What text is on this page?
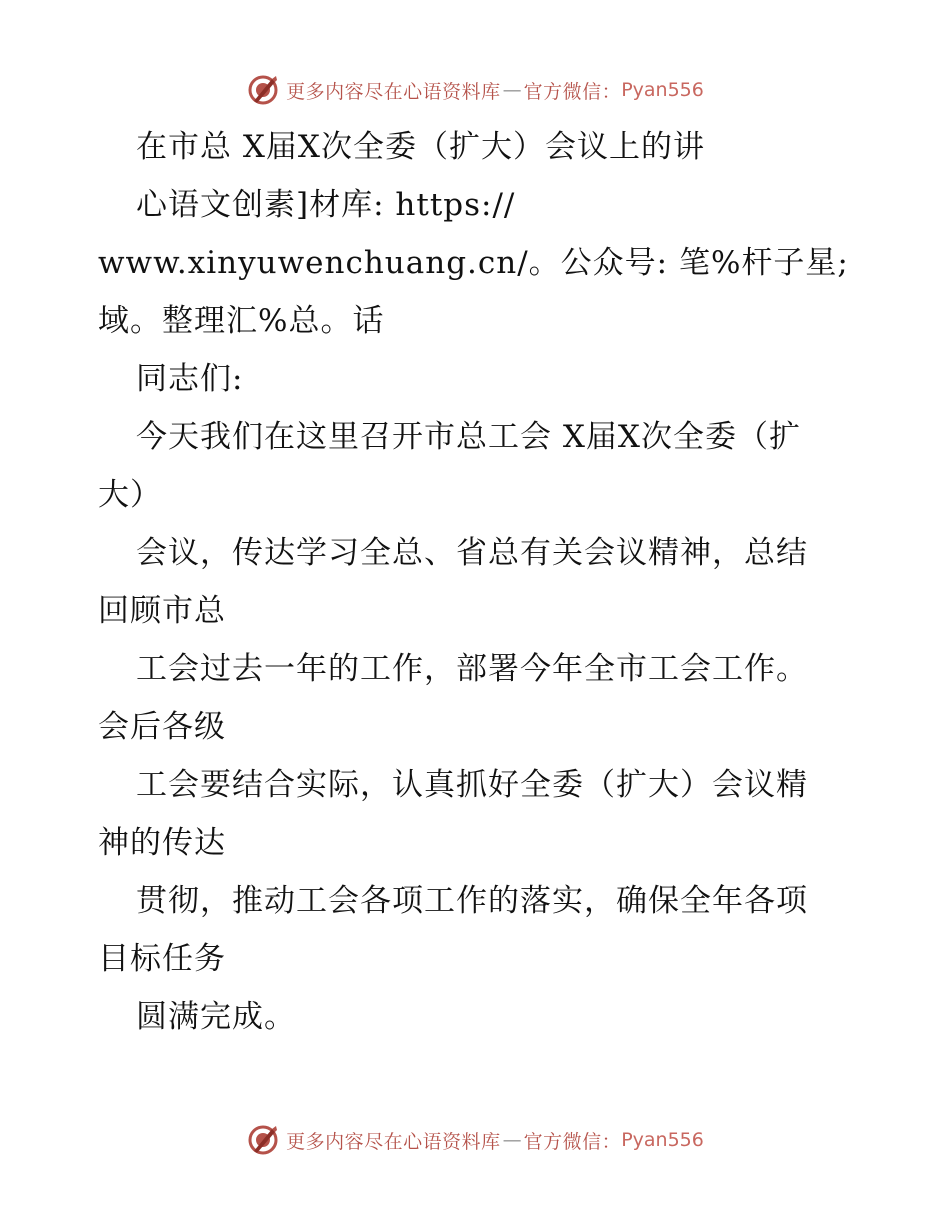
更多内容尽在心语资料库 — 官方微信： Pyan556
在市总 X届X次全委（扩大）会议上的讲
心语文创素]材库: https://
www.xinyuwenchuang.cn/。公众号: 笔%杆子星;
域。整理汇%总。话
同志们:
今天我们在这里召开市总工会 X届X次全委（扩
大）
会议，传达学习全总、省总有关会议精神，总结
回顾市总
工会过去一年的工作，部署今年全市工会工作。
会后各级
工会要结合实际，认真抓好全委（扩大）会议精
神的传达
贯彻，推动工会各项工作的落实，确保全年各项
目标任务
圆满完成。
更多内容尽在心语资料库 — 官方微信： Pyan556
